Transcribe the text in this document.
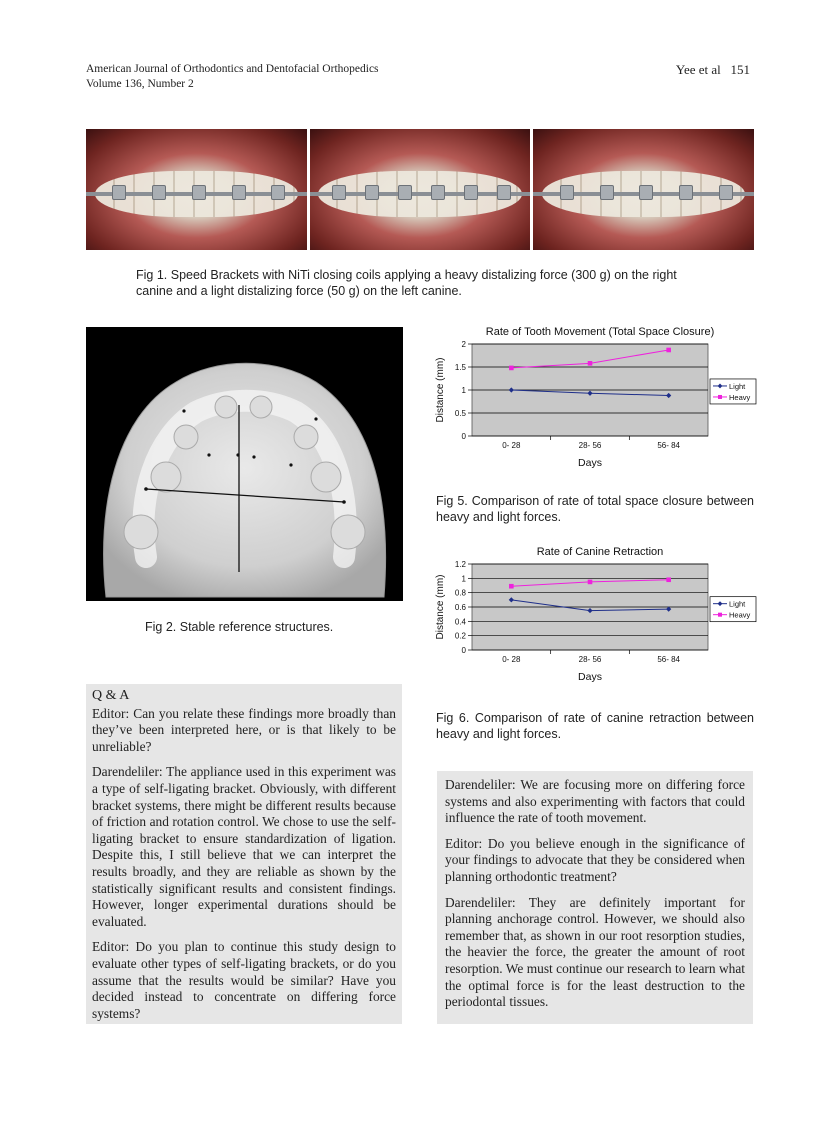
American Journal of Orthodontics and Dentofacial Orthopedics
Volume 136, Number 2
Yee et al   151
Fig 1. Speed Brackets with NiTi closing coils applying a heavy distalizing force (300 g) on the right canine and a light distalizing force (50 g) on the left canine.
Fig 2. Stable reference structures.
Rate of Tooth Movement (Total Space Closure)
0
0.5
1
1.5
2
0- 28	28- 56	56- 84
Days
Distance (mm)	Light
Heavy
Fig 5. Comparison of rate of total space closure between heavy and light forces.
Rate of Canine Retraction
0
0.2
0.4
0.6
0.8
1
1.2
0- 28	28- 56	56- 84
Days
Distance (mm)	Light
Heavy
Fig 6. Comparison of rate of canine retraction between heavy and light forces.

Q & A

Editor: Can you relate these findings more broadly than they’ve been interpreted here, or is that likely to be unreliable?

Darendeliler: The appliance used in this experiment was a type of self-ligating bracket. Obviously, with different bracket systems, there might be different results because of friction and rotation control. We chose to use the self-ligating bracket to ensure standardization of ligation. Despite this, I still believe that we can interpret the results broadly, and they are reliable as shown by the statistically significant results and consistent findings. However, longer experimental durations should be evaluated.

Editor: Do you plan to continue this study design to evaluate other types of self-ligating brackets, or do you assume that the results would be similar? Have you decided instead to concentrate on differing force systems?

Darendeliler: We are focusing more on differing force systems and also experimenting with factors that could influence the rate of tooth movement.

Editor: Do you believe enough in the significance of your findings to advocate that they be considered when planning orthodontic treatment?

Darendeliler: They are definitely important for planning anchorage control. However, we should also remember that, as shown in our root resorption studies, the heavier the force, the greater the amount of root resorption. We must continue our research to learn what the optimal force is for the least destruction to the periodontal tissues.
